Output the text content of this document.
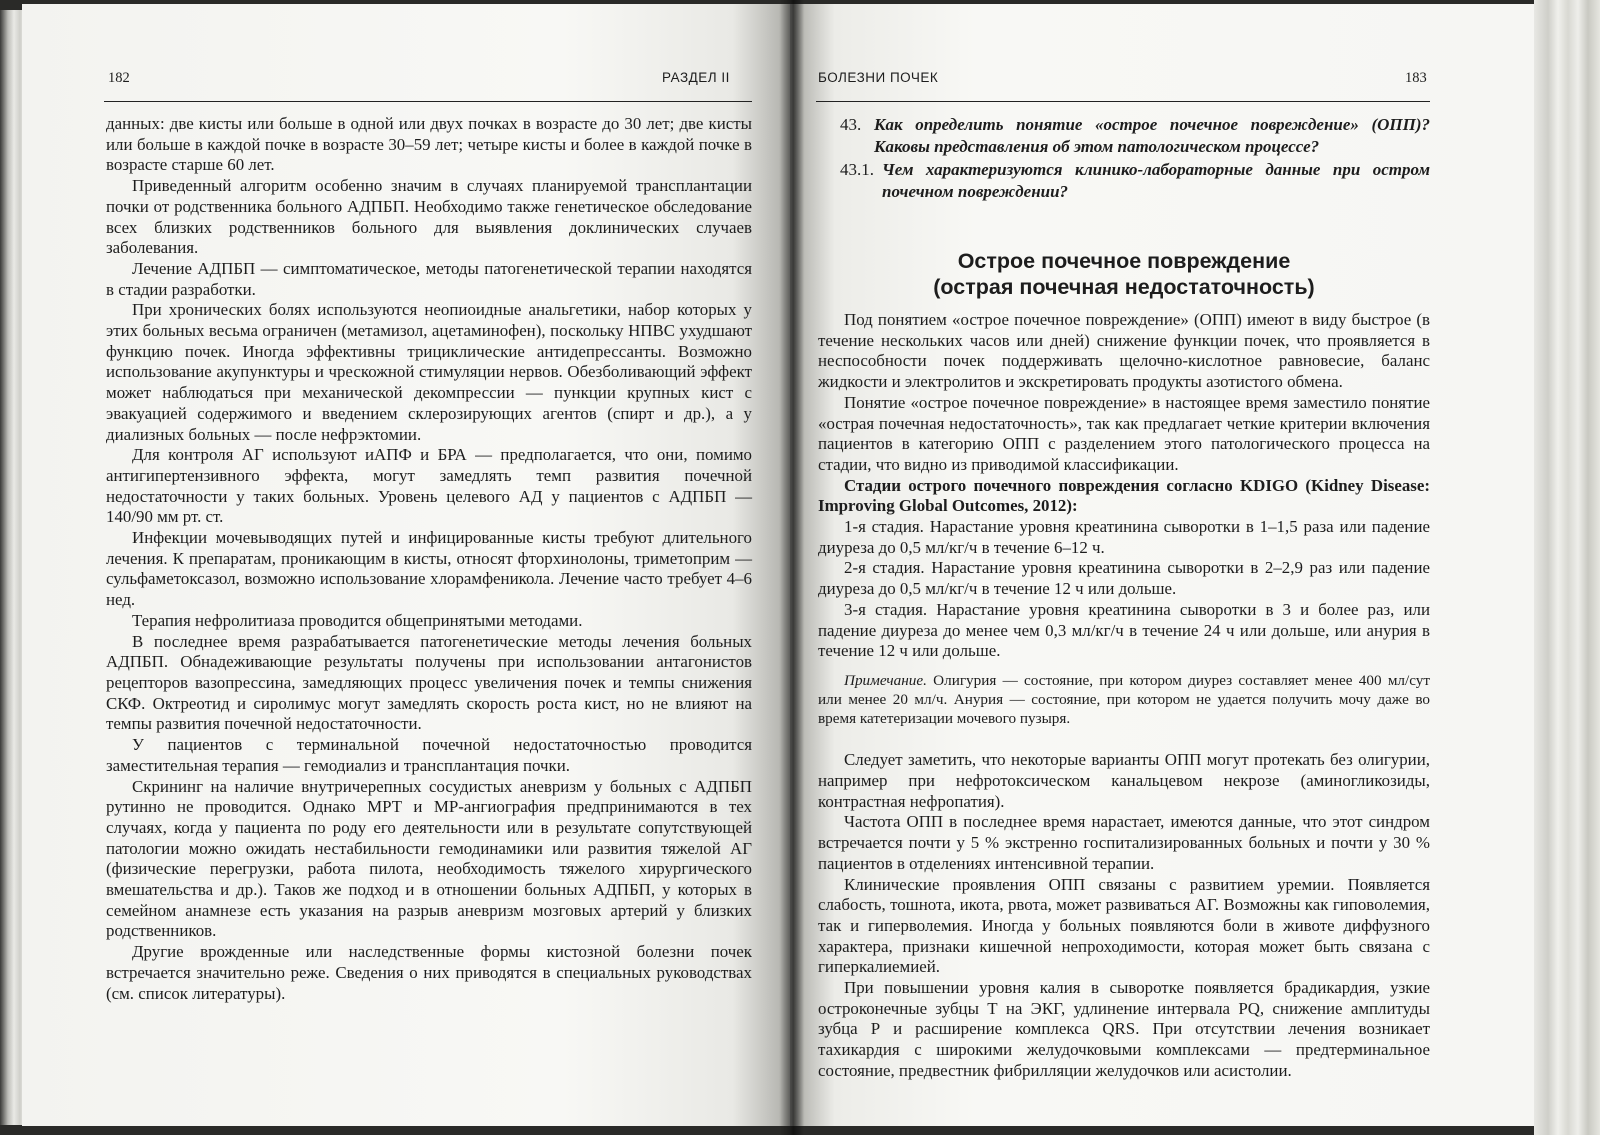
182	РАЗДЕЛ II

данных: две кисты или больше в одной или двух почках в возрасте до 30 лет; две кисты или больше в каждой почке в возрасте 30–59 лет; четыре кисты и более в каждой почке в возрасте старше 60 лет.

Приведенный алгоритм особенно значим в случаях планируемой трансплантации почки от родственника больного АДПБП. Необходимо также генетическое обследование всех близких родственников больного для выявления доклинических случаев заболевания.

Лечение АДПБП — симптоматическое, методы патогенетической терапии находятся в стадии разработки.

При хронических болях используются неопиоидные анальгетики, набор которых у этих больных весьма ограничен (метамизол, ацетаминофен), поскольку НПВС ухудшают функцию почек. Иногда эффективны трициклические антидепрессанты. Возможно использование акупунктуры и чрескожной стимуляции нервов. Обезболивающий эффект может наблюдаться при механической декомпрессии — пункции крупных кист с эвакуацией содержимого и введением склерозирующих агентов (спирт и др.), а у диализных больных — после нефрэктомии.

Для контроля АГ используют иАПФ и БРА — предполагается, что они, помимо антигипертензивного эффекта, могут замедлять темп развития почечной недостаточности у таких больных. Уровень целевого АД у пациентов с АДПБП — 140/90 мм рт. ст.

Инфекции мочевыводящих путей и инфицированные кисты требуют длительного лечения. К препаратам, проникающим в кисты, относят фторхинолоны, триметоприм — сульфаметоксазол, возможно использование хлорамфеникола. Лечение часто требует 4–6 нед.

Терапия нефролитиаза проводится общепринятыми методами.

В последнее время разрабатывается патогенетические методы лечения больных АДПБП. Обнадеживающие результаты получены при использовании антагонистов рецепторов вазопрессина, замедляющих процесс увеличения почек и темпы снижения СКФ. Октреотид и сиролимус могут замедлять скорость роста кист, но не влияют на темпы развития почечной недостаточности.

У пациентов с терминальной почечной недостаточностью проводится заместительная терапия — гемодиализ и трансплантация почки.

Скрининг на наличие внутричерепных сосудистых аневризм у больных с АДПБП рутинно не проводится. Однако МРТ и МР-ангиография предпринимаются в тех случаях, когда у пациента по роду его деятельности или в результате сопутствующей патологии можно ожидать нестабильности гемодинамики или развития тяжелой АГ (физические перегрузки, работа пилота, необходимость тяжелого хирургического вмешательства и др.). Таков же подход и в отношении больных АДПБП, у которых в семейном анамнезе есть указания на разрыв аневризм мозговых артерий у близких родственников.

Другие врожденные или наследственные формы кистозной болезни почек встречается значительно реже. Сведения о них приводятся в специальных руководствах (см. список литературы).

БОЛЕЗНИ ПОЧЕК	183
43. Как определить понятие «острое почечное повреждение» (ОПП)? Каковы представления об этом патологическом процессе?
43.1. Чем характеризуются клинико-лабораторные данные при остром почечном повреждении?
Острое почечное повреждение
(острая почечная недостаточность)

Под понятием «острое почечное повреждение» (ОПП) имеют в виду быстрое (в течение нескольких часов или дней) снижение функции почек, что проявляется в неспособности почек поддерживать щелочно-кислотное равновесие, баланс жидкости и электролитов и экскретировать продукты азотистого обмена.

Понятие «острое почечное повреждение» в настоящее время заместило понятие «острая почечная недостаточность», так как предлагает четкие критерии включения пациентов в категорию ОПП с разделением этого патологического процесса на стадии, что видно из приводимой классификации.

Стадии острого почечного повреждения согласно KDIGO (Kidney Disease: Improving Global Outcomes, 2012):

1-я стадия. Нарастание уровня креатинина сыворотки в 1–1,5 раза или падение диуреза до 0,5 мл/кг/ч в течение 6–12 ч.

2-я стадия. Нарастание уровня креатинина сыворотки в 2–2,9 раз или падение диуреза до 0,5 мл/кг/ч в течение 12 ч или дольше.

3-я стадия. Нарастание уровня креатинина сыворотки в 3 и более раз, или падение диуреза до менее чем 0,3 мл/кг/ч в течение 24 ч или дольше, или анурия в течение 12 ч или дольше.

Примечание. Олигурия — состояние, при котором диурез составляет менее 400 мл/сут или менее 20 мл/ч. Анурия — состояние, при котором не удается получить мочу даже во время катетеризации мочевого пузыря.

Следует заметить, что некоторые варианты ОПП могут протекать без олигурии, например при нефротоксическом канальцевом некрозе (аминогликозиды, контрастная нефропатия).

Частота ОПП в последнее время нарастает, имеются данные, что этот синдром встречается почти у 5 % экстренно госпитализированных больных и почти у 30 % пациентов в отделениях интенсивной терапии.

Клинические проявления ОПП связаны с развитием уремии. Появляется слабость, тошнота, икота, рвота, может развиваться АГ. Возможны как гиповолемия, так и гиперволемия. Иногда у больных появляются боли в животе диффузного характера, признаки кишечной непроходимости, которая может быть связана с гиперкалиемией.

При повышении уровня калия в сыворотке появляется брадикардия, узкие остроконечные зубцы Т на ЭКГ, удлинение интервала PQ, снижение амплитуды зубца Р и расширение комплекса QRS. При отсутствии лечения возникает тахикардия с широкими желудочковыми комплексами — предтерминальное состояние, предвестник фибрилляции желудочков или асистолии.
